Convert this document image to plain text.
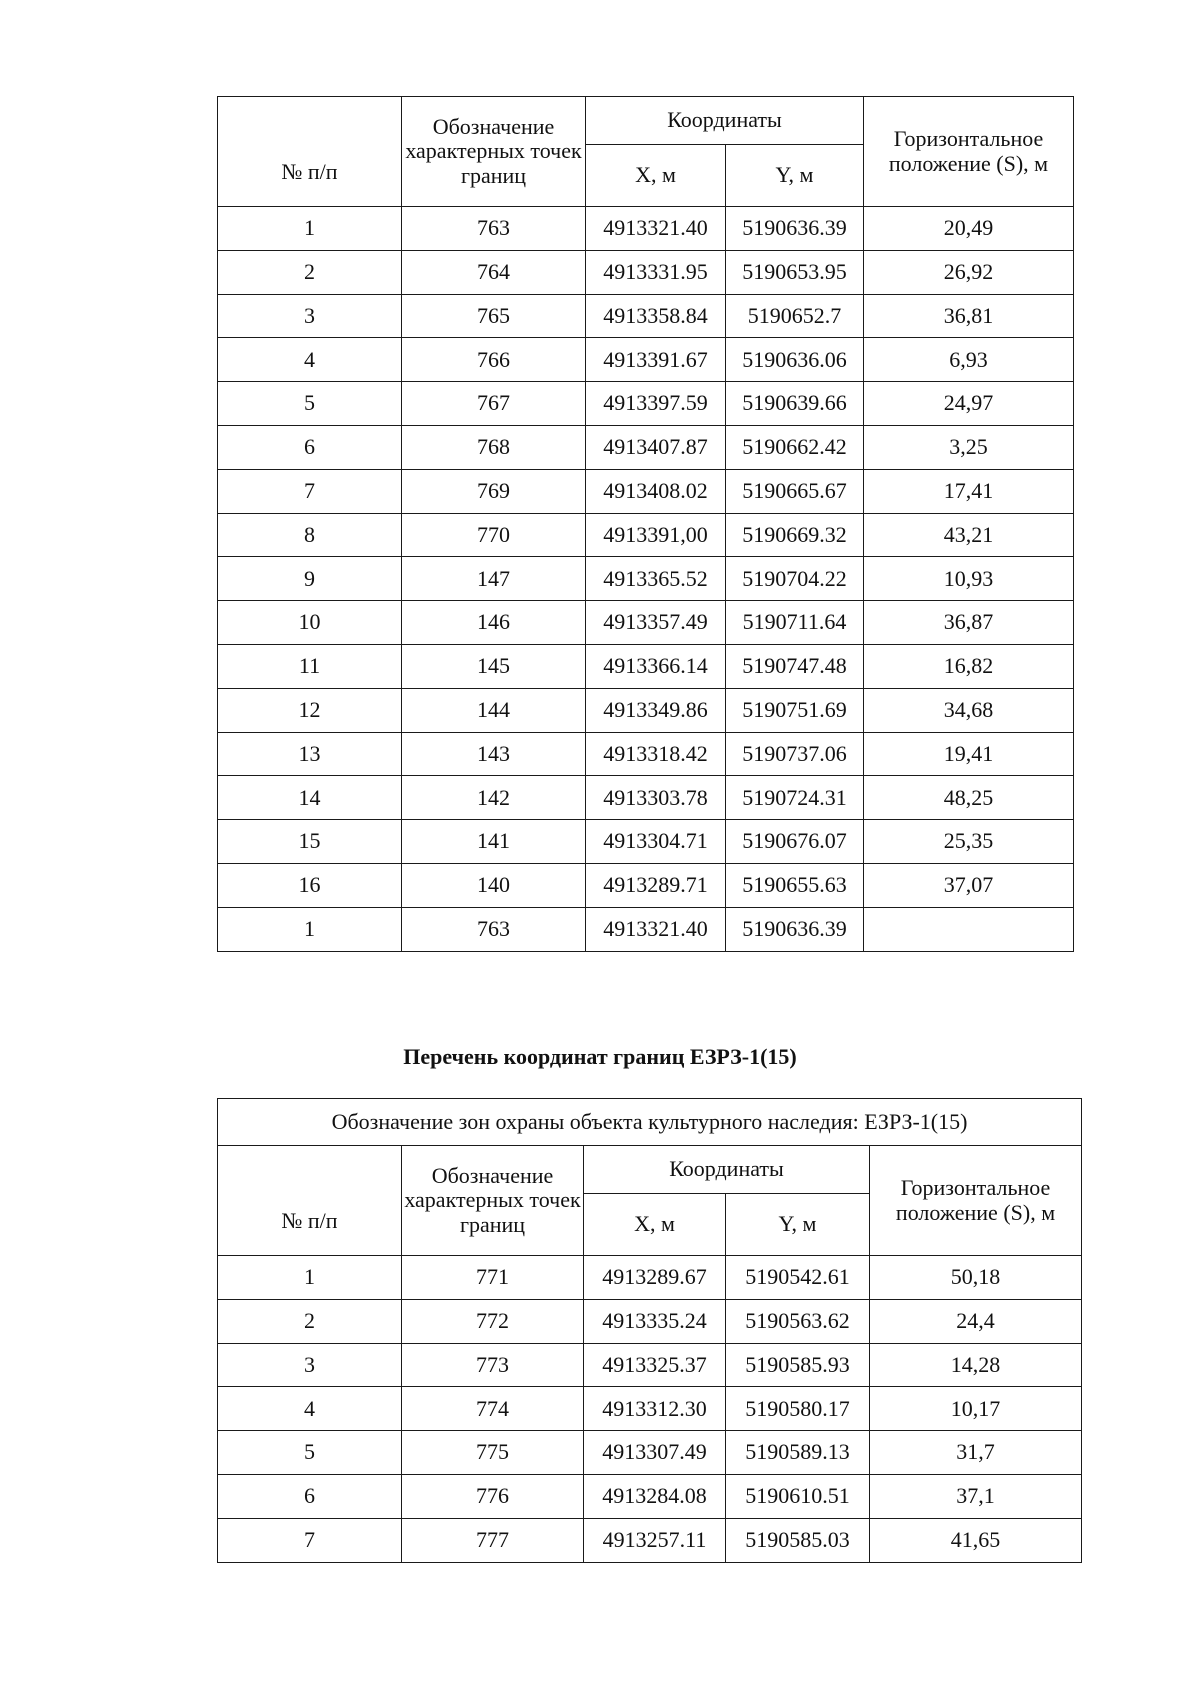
№ п/п	Обозначение характерных точек границ	Координаты		Горизонтальное положение (S), м
		X, м	Y, м	
1	763	4913321.40	5190636.39	20,49
2	764	4913331.95	5190653.95	26,92
3	765	4913358.84	5190652.7	36,81
4	766	4913391.67	5190636.06	6,93
5	767	4913397.59	5190639.66	24,97
6	768	4913407.87	5190662.42	3,25
7	769	4913408.02	5190665.67	17,41
8	770	4913391,00	5190669.32	43,21
9	147	4913365.52	5190704.22	10,93
10	146	4913357.49	5190711.64	36,87
11	145	4913366.14	5190747.48	16,82
12	144	4913349.86	5190751.69	34,68
13	143	4913318.42	5190737.06	19,41
14	142	4913303.78	5190724.31	48,25
15	141	4913304.71	5190676.07	25,35
16	140	4913289.71	5190655.63	37,07
1	763	4913321.40	5190636.39	
Перечень координат границ ЕЗРЗ-1(15)
Обозначение зон охраны объекта культурного наследия: ЕЗРЗ-1(15)				
№ п/п	Обозначение характерных точек границ	Координаты		Горизонтальное положение (S), м
		X, м	Y, м	
1	771	4913289.67	5190542.61	50,18
2	772	4913335.24	5190563.62	24,4
3	773	4913325.37	5190585.93	14,28
4	774	4913312.30	5190580.17	10,17
5	775	4913307.49	5190589.13	31,7
6	776	4913284.08	5190610.51	37,1
7	777	4913257.11	5190585.03	41,65
